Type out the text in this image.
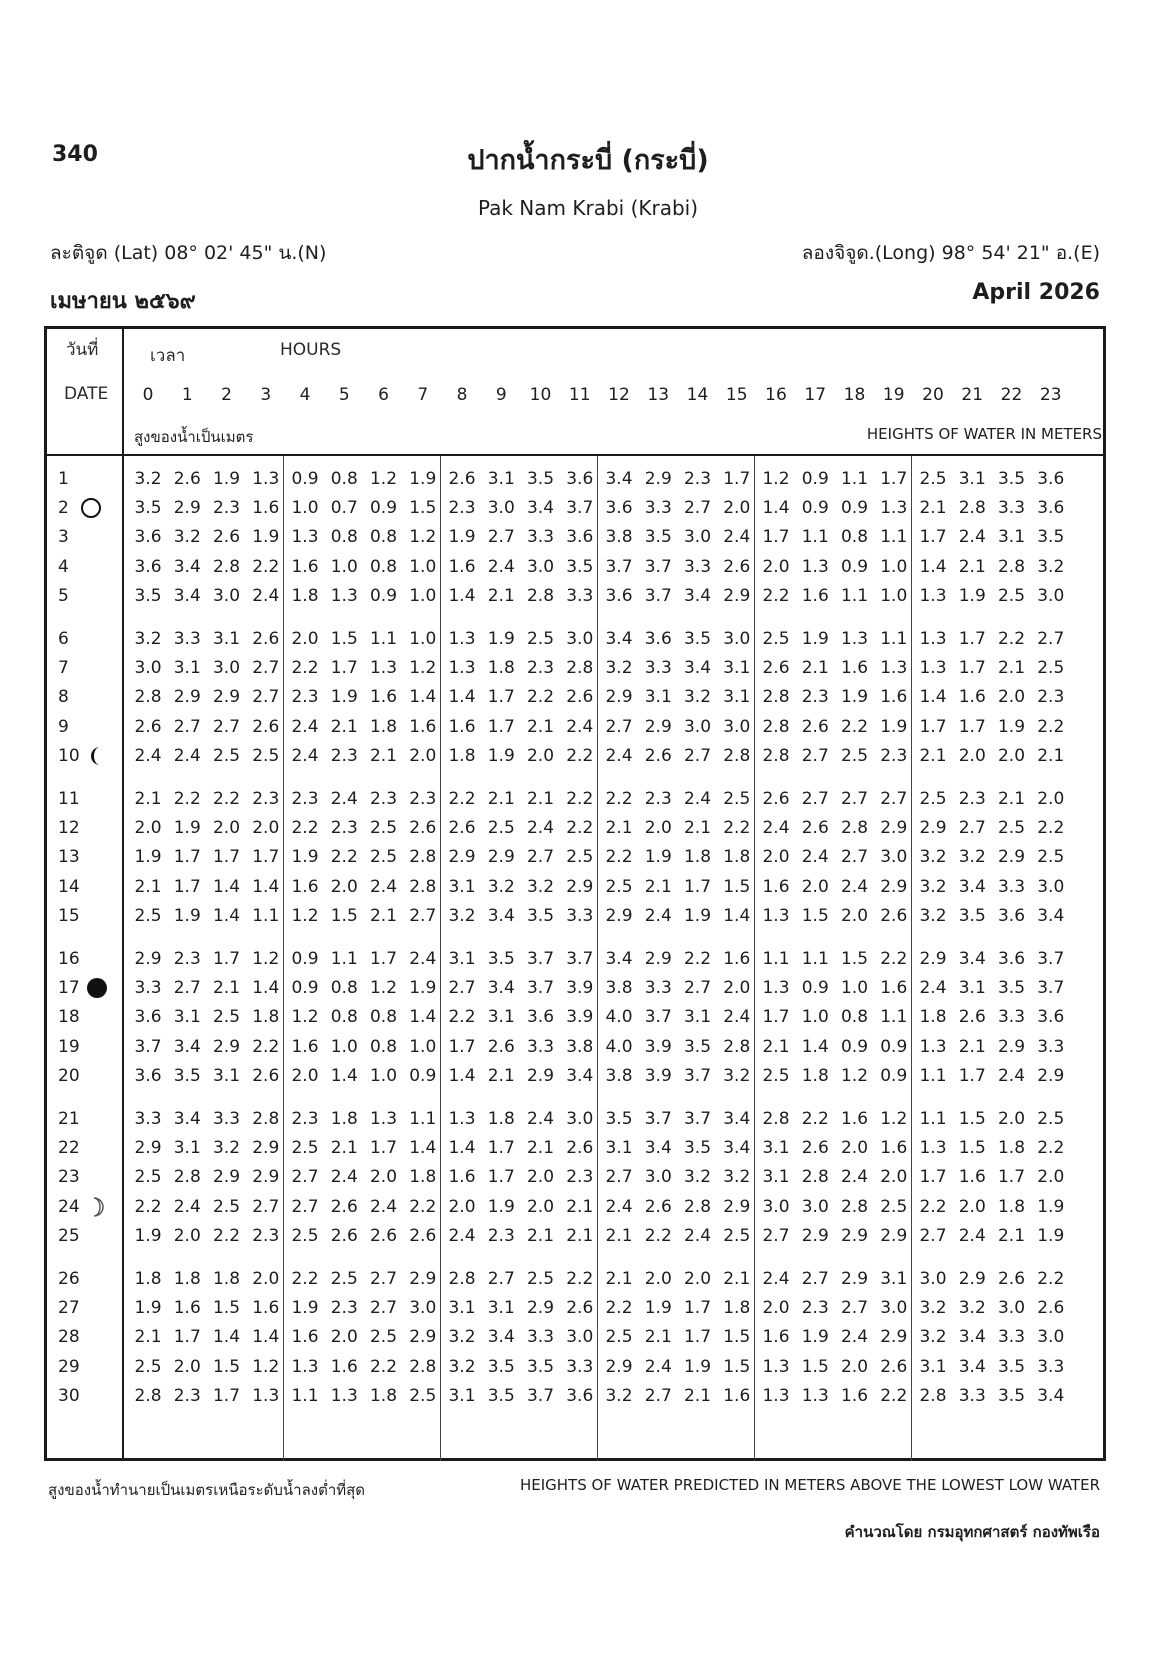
340	ปากน้ำกระบี่ (กระบี่)
Pak Nam Krabi (Krabi)
ละติจูด (Lat) 08° 02' 45" น.(N)	ลองจิจูด.(Long) 98° 54' 21" อ.(E)
เมษายน ๒๕๖๙	April 2026
วันที่
DATE
เวลา	HOURS
0	1	2	3	4	5	6	7	8	9	10	11	12	13	14	15	16	17	18	19	20	21	22	23
สูงของน้ำเป็นเมตร	HEIGHTS OF WATER IN METERS
1	3.2 2.6 1.9 1.3 0.9 0.8 1.2 1.9 2.6 3.1 3.5 3.6 3.4 2.9 2.3 1.7 1.2 0.9 1.1 1.7 2.5 3.1 3.5 3.6
2	3.5 2.9 2.3 1.6 1.0 0.7 0.9 1.5 2.3 3.0 3.4 3.7 3.6 3.3 2.7 2.0 1.4 0.9 0.9 1.3 2.1 2.8 3.3 3.6
3	3.6 3.2 2.6 1.9 1.3 0.8 0.8 1.2 1.9 2.7 3.3 3.6 3.8 3.5 3.0 2.4 1.7 1.1 0.8 1.1 1.7 2.4 3.1 3.5
4	3.6 3.4 2.8 2.2 1.6 1.0 0.8 1.0 1.6 2.4 3.0 3.5 3.7 3.7 3.3 2.6 2.0 1.3 0.9 1.0 1.4 2.1 2.8 3.2
5	3.5 3.4 3.0 2.4 1.8 1.3 0.9 1.0 1.4 2.1 2.8 3.3 3.6 3.7 3.4 2.9 2.2 1.6 1.1 1.0 1.3 1.9 2.5 3.0
6	3.2 3.3 3.1 2.6 2.0 1.5 1.1 1.0 1.3 1.9 2.5 3.0 3.4 3.6 3.5 3.0 2.5 1.9 1.3 1.1 1.3 1.7 2.2 2.7
7	3.0 3.1 3.0 2.7 2.2 1.7 1.3 1.2 1.3 1.8 2.3 2.8 3.2 3.3 3.4 3.1 2.6 2.1 1.6 1.3 1.3 1.7 2.1 2.5
8	2.8 2.9 2.9 2.7 2.3 1.9 1.6 1.4 1.4 1.7 2.2 2.6 2.9 3.1 3.2 3.1 2.8 2.3 1.9 1.6 1.4 1.6 2.0 2.3
9	2.6 2.7 2.7 2.6 2.4 2.1 1.8 1.6 1.6 1.7 2.1 2.4 2.7 2.9 3.0 3.0 2.8 2.6 2.2 1.9 1.7 1.7 1.9 2.2
10	2.4 2.4 2.5 2.5 2.4 2.3 2.1 2.0 1.8 1.9 2.0 2.2 2.4 2.6 2.7 2.8 2.8 2.7 2.5 2.3 2.1 2.0 2.0 2.1
11	2.1 2.2 2.2 2.3 2.3 2.4 2.3 2.3 2.2 2.1 2.1 2.2 2.2 2.3 2.4 2.5 2.6 2.7 2.7 2.7 2.5 2.3 2.1 2.0
12	2.0 1.9 2.0 2.0 2.2 2.3 2.5 2.6 2.6 2.5 2.4 2.2 2.1 2.0 2.1 2.2 2.4 2.6 2.8 2.9 2.9 2.7 2.5 2.2
13	1.9 1.7 1.7 1.7 1.9 2.2 2.5 2.8 2.9 2.9 2.7 2.5 2.2 1.9 1.8 1.8 2.0 2.4 2.7 3.0 3.2 3.2 2.9 2.5
14	2.1 1.7 1.4 1.4 1.6 2.0 2.4 2.8 3.1 3.2 3.2 2.9 2.5 2.1 1.7 1.5 1.6 2.0 2.4 2.9 3.2 3.4 3.3 3.0
15	2.5 1.9 1.4 1.1 1.2 1.5 2.1 2.7 3.2 3.4 3.5 3.3 2.9 2.4 1.9 1.4 1.3 1.5 2.0 2.6 3.2 3.5 3.6 3.4
16	2.9 2.3 1.7 1.2 0.9 1.1 1.7 2.4 3.1 3.5 3.7 3.7 3.4 2.9 2.2 1.6 1.1 1.1 1.5 2.2 2.9 3.4 3.6 3.7
17	3.3 2.7 2.1 1.4 0.9 0.8 1.2 1.9 2.7 3.4 3.7 3.9 3.8 3.3 2.7 2.0 1.3 0.9 1.0 1.6 2.4 3.1 3.5 3.7
18	3.6 3.1 2.5 1.8 1.2 0.8 0.8 1.4 2.2 3.1 3.6 3.9 4.0 3.7 3.1 2.4 1.7 1.0 0.8 1.1 1.8 2.6 3.3 3.6
19	3.7 3.4 2.9 2.2 1.6 1.0 0.8 1.0 1.7 2.6 3.3 3.8 4.0 3.9 3.5 2.8 2.1 1.4 0.9 0.9 1.3 2.1 2.9 3.3
20	3.6 3.5 3.1 2.6 2.0 1.4 1.0 0.9 1.4 2.1 2.9 3.4 3.8 3.9 3.7 3.2 2.5 1.8 1.2 0.9 1.1 1.7 2.4 2.9
21	3.3 3.4 3.3 2.8 2.3 1.8 1.3 1.1 1.3 1.8 2.4 3.0 3.5 3.7 3.7 3.4 2.8 2.2 1.6 1.2 1.1 1.5 2.0 2.5
22	2.9 3.1 3.2 2.9 2.5 2.1 1.7 1.4 1.4 1.7 2.1 2.6 3.1 3.4 3.5 3.4 3.1 2.6 2.0 1.6 1.3 1.5 1.8 2.2
23	2.5 2.8 2.9 2.9 2.7 2.4 2.0 1.8 1.6 1.7 2.0 2.3 2.7 3.0 3.2 3.2 3.1 2.8 2.4 2.0 1.7 1.6 1.7 2.0
24	2.2 2.4 2.5 2.7 2.7 2.6 2.4 2.2 2.0 1.9 2.0 2.1 2.4 2.6 2.8 2.9 3.0 3.0 2.8 2.5 2.2 2.0 1.8 1.9
25	1.9 2.0 2.2 2.3 2.5 2.6 2.6 2.6 2.4 2.3 2.1 2.1 2.1 2.2 2.4 2.5 2.7 2.9 2.9 2.9 2.7 2.4 2.1 1.9
26	1.8 1.8 1.8 2.0 2.2 2.5 2.7 2.9 2.8 2.7 2.5 2.2 2.1 2.0 2.0 2.1 2.4 2.7 2.9 3.1 3.0 2.9 2.6 2.2
27	1.9 1.6 1.5 1.6 1.9 2.3 2.7 3.0 3.1 3.1 2.9 2.6 2.2 1.9 1.7 1.8 2.0 2.3 2.7 3.0 3.2 3.2 3.0 2.6
28	2.1 1.7 1.4 1.4 1.6 2.0 2.5 2.9 3.2 3.4 3.3 3.0 2.5 2.1 1.7 1.5 1.6 1.9 2.4 2.9 3.2 3.4 3.3 3.0
29	2.5 2.0 1.5 1.2 1.3 1.6 2.2 2.8 3.2 3.5 3.5 3.3 2.9 2.4 1.9 1.5 1.3 1.5 2.0 2.6 3.1 3.4 3.5 3.3
30	2.8 2.3 1.7 1.3 1.1 1.3 1.8 2.5 3.1 3.5 3.7 3.6 3.2 2.7 2.1 1.6 1.3 1.3 1.6 2.2 2.8 3.3 3.5 3.4
สูงของน้ำทำนายเป็นเมตรเหนือระดับน้ำลงต่ำที่สุด	HEIGHTS OF WATER PREDICTED IN METERS ABOVE THE LOWEST LOW WATER
คำนวณโดย กรมอุทกศาสตร์ กองทัพเรือ
